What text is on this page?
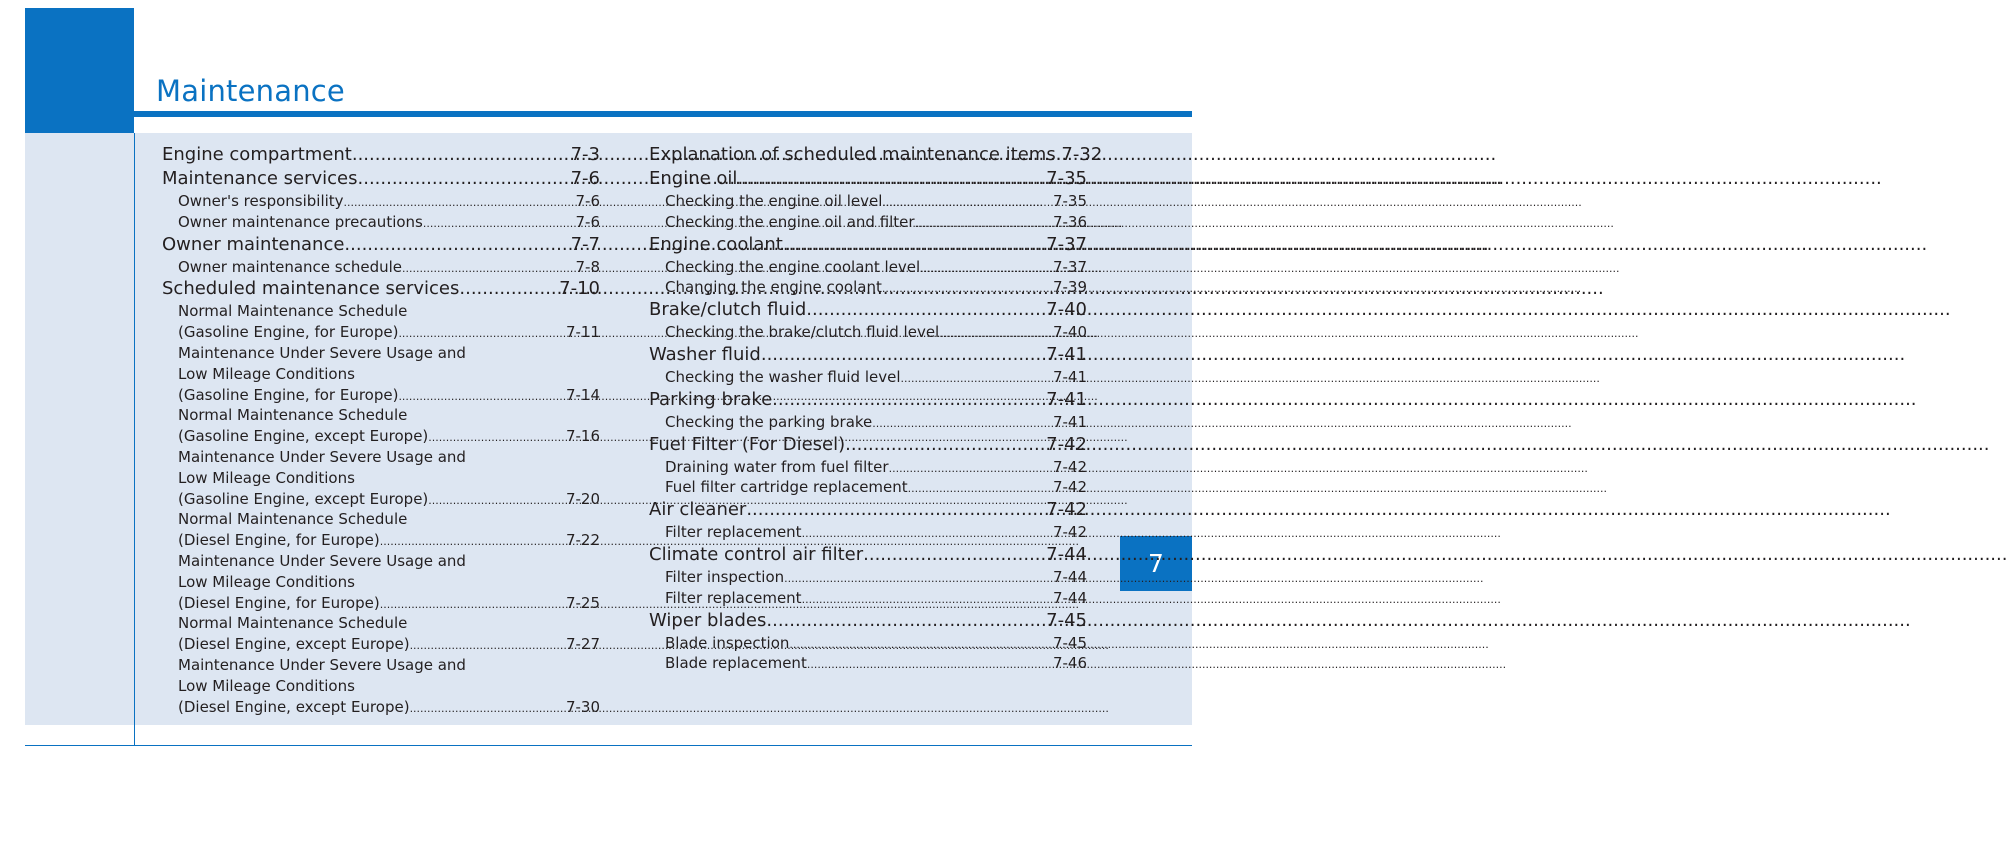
Maintenance
7
Engine compartment .....	7-3
Maintenance services .....	7-6
Owner's responsibility .....	7-6
Owner maintenance precautions .....	7-6
Owner maintenance .....	7-7
Owner maintenance schedule .....	7-8
Scheduled maintenance services .....	7-10
Normal Maintenance Schedule
(Gasoline Engine, for Europe) .....	7-11
Maintenance Under Severe Usage and
Low Mileage Conditions
(Gasoline Engine, for Europe) .....	7-14
Normal Maintenance Schedule
(Gasoline Engine, except Europe) .....	7-16
Maintenance Under Severe Usage and
Low Mileage Conditions
(Gasoline Engine, except Europe) .....	7-20
Normal Maintenance Schedule
(Diesel Engine, for Europe) .....	7-22
Maintenance Under Severe Usage and
Low Mileage Conditions
(Diesel Engine, for Europe) .....	7-25
Normal Maintenance Schedule
(Diesel Engine, except Europe) .....	7-27
Maintenance Under Severe Usage and
Low Mileage Conditions
(Diesel Engine, except Europe) .....	7-30
Explanation of scheduled maintenance items. 7-32
Engine oil .....	7-35
Checking the engine oil level .....	7-35
Checking the engine oil and filter .....	7-36
Engine coolant .....	7-37
Checking the engine coolant level .....	7-37
Changing the engine coolant .....	7-39
Brake/clutch fluid .....	7-40
Checking the brake/clutch fluid level .....	7-40
Washer fluid .....	7-41
Checking the washer fluid level .....	7-41
Parking brake .....	7-41
Checking the parking brake .....	7-41
Fuel Filter (For Diesel) .....	7-42
Draining water from fuel filter .....	7-42
Fuel filter cartridge replacement .....	7-42
Air cleaner .....	7-42
Filter replacement .....	7-42
Climate control air filter .....	7-44
Filter inspection .....	7-44
Filter replacement .....	7-44
Wiper blades .....	7-45
Blade inspection .....	7-45
Blade replacement .....	7-46
